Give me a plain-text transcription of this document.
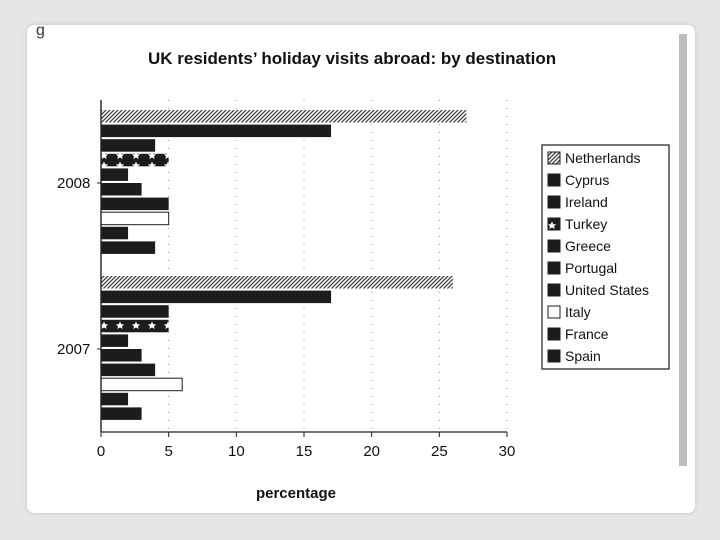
g
UK residents’ holiday visits abroad: by destination
0	5	10	15	20	25	30
2008
2007
percentage
Netherlands
Cyprus
Ireland
Turkey
Greece
Portugal
United States
Italy
France
Spain
